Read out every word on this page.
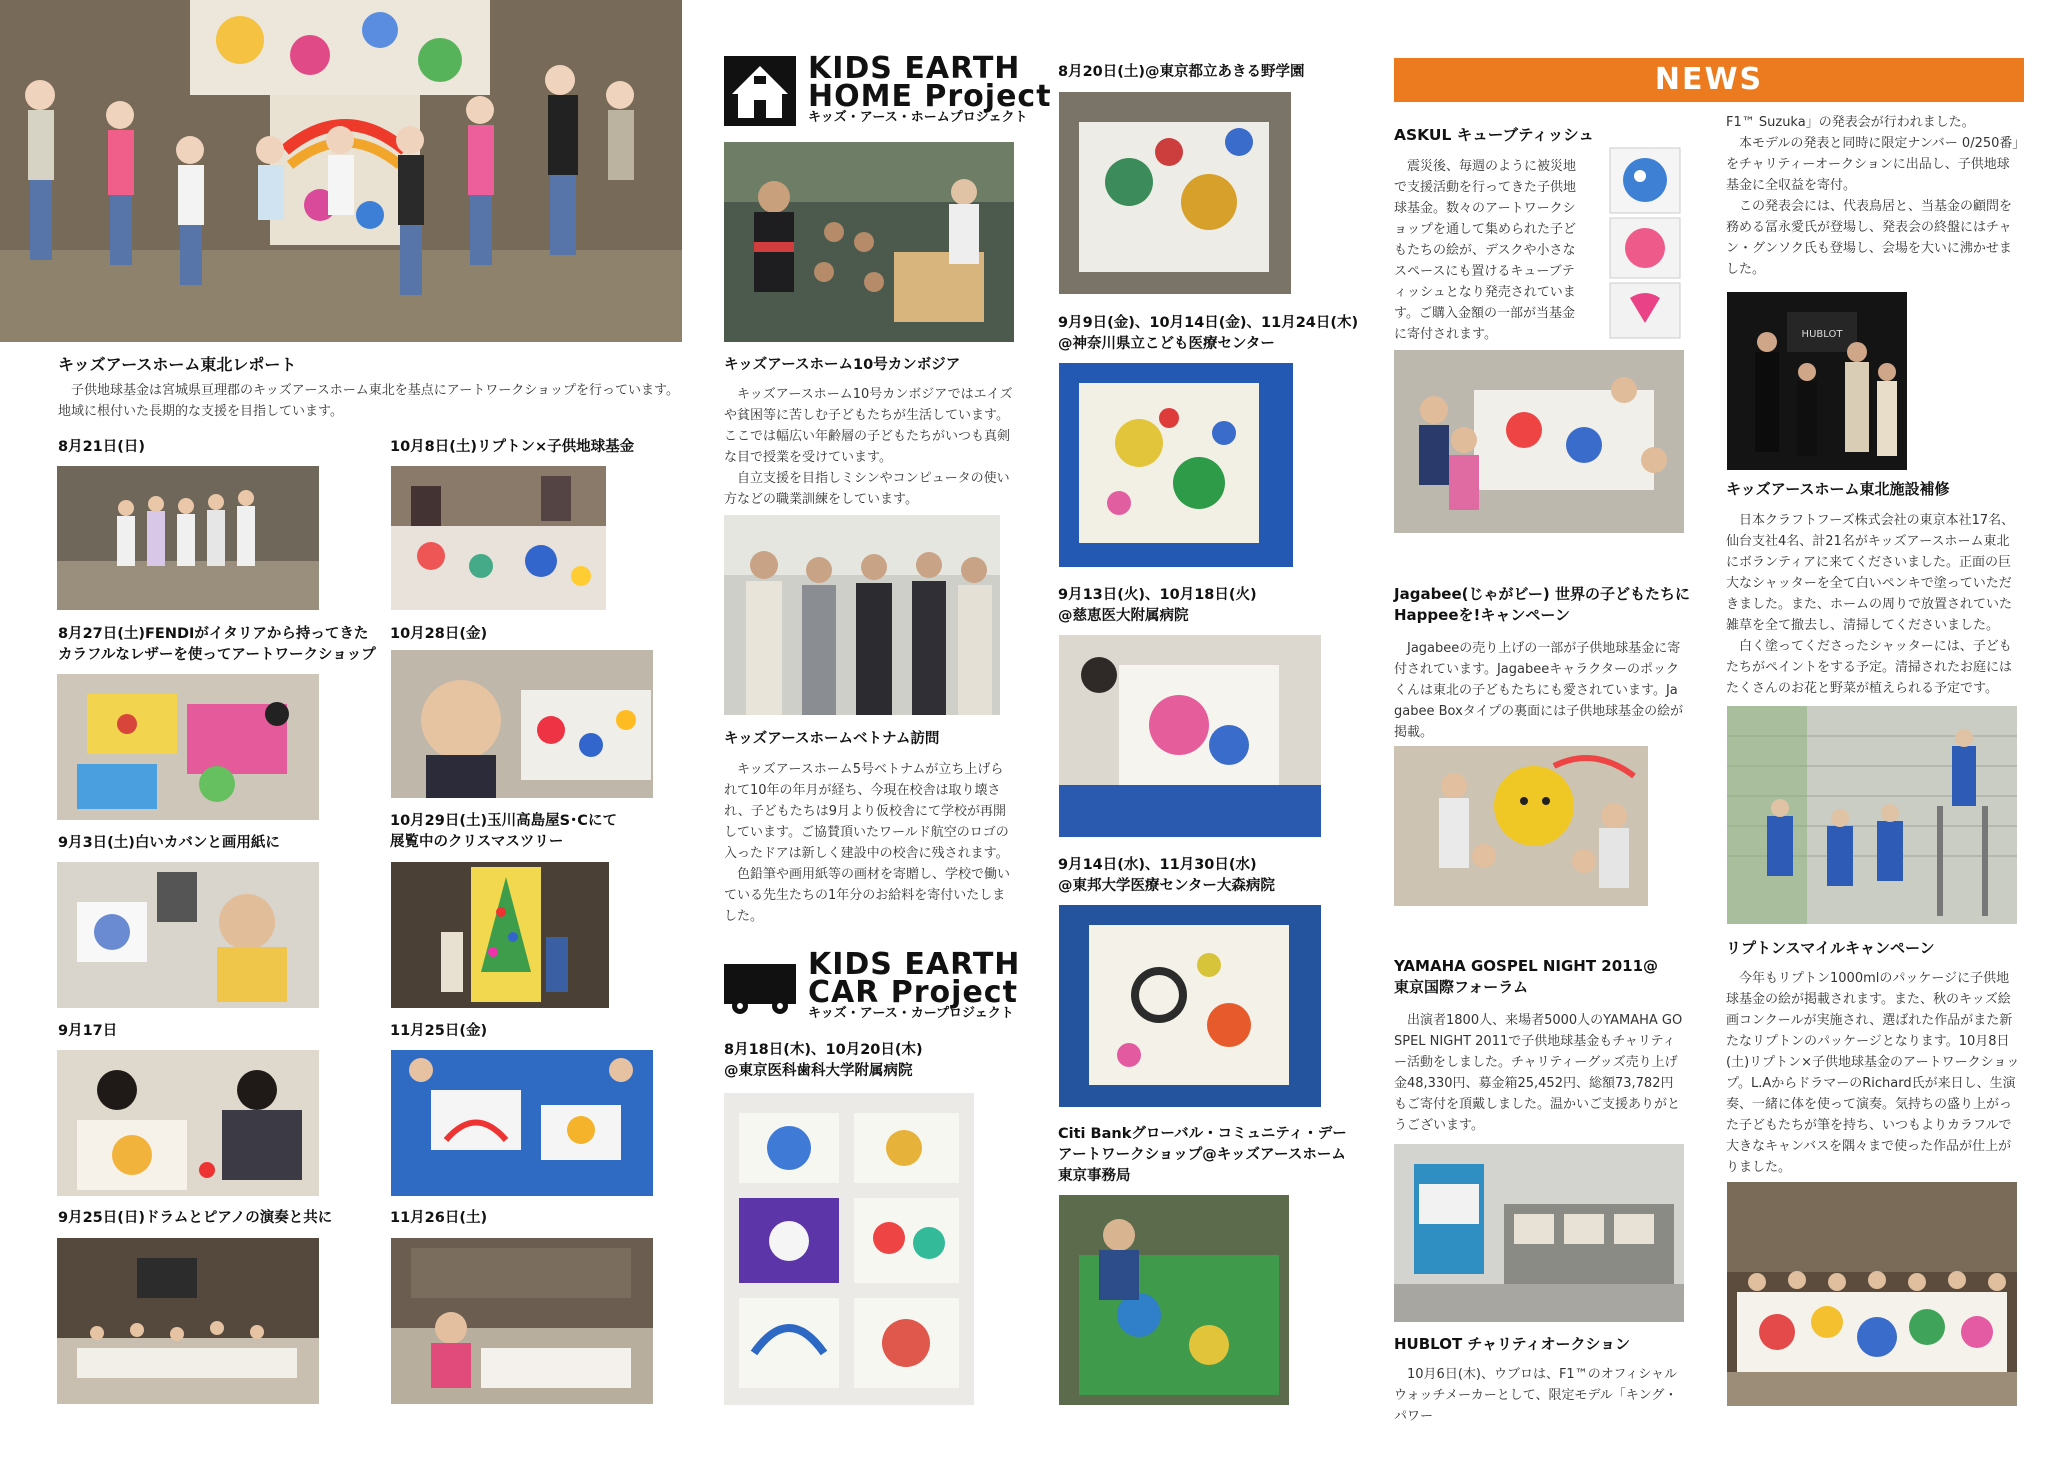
キッズアースホーム東北レポート
子供地球基金は宮城県亘理郡のキッズアースホーム東北を基点にアートワークショップを行っています。地域に根付いた長期的な支援を目指しています。
8月21日(日)	10月8日(土)リプトン×子供地球基金
8月27日(土)FENDIがイタリアから持ってきた
カラフルなレザーを使ってアートワークショップ
10月28日(金)
9月3日(土)白いカバンと画用紙に
10月29日(土)玉川高島屋S･Cにて
展覧中のクリスマスツリー
9月17日	11月25日(金)
9月25日(日)ドラムとピアノの演奏と共に	11月26日(土)
KIDS EARTH
HOME Project
キッズ・アース・ホームプロジェクト
キッズアースホーム10号カンボジア
キッズアースホーム10号カンボジアではエイズや貧困等に苦しむ子どもたちが生活しています。ここでは幅広い年齢層の子どもたちがいつも真剣な目で授業を受けています。
自立支援を目指しミシンやコンピュータの使い方などの職業訓練をしています。
キッズアースホームベトナム訪問
キッズアースホーム5号ベトナムが立ち上げられて10年の年月が経ち、今現在校舎は取り壊され、子どもたちは9月より仮校舎にて学校が再開しています。ご協賛頂いたワールド航空のロゴの入ったドアは新しく建設中の校舎に残されます。
色鉛筆や画用紙等の画材を寄贈し、学校で働いている先生たちの1年分のお給料を寄付いたしました。
KIDS EARTH
CAR Project
キッズ・アース・カープロジェクト
8月18日(木)、10月20日(木)
@東京医科歯科大学附属病院
8月20日(土)@東京都立あきる野学園
9月9日(金)、10月14日(金)、11月24日(木)
@神奈川県立こども医療センター
9月13日(火)、10月18日(火)
@慈恵医大附属病院
9月14日(水)、11月30日(水)
@東邦大学医療センター大森病院
Citi Bankグローバル・コミュニティ・デー
アートワークショップ@キッズアースホーム
東京事務局
NEWS
ASKUL キューブティッシュ
震災後、毎週のように被災地で支援活動を行ってきた子供地球基金。数々のアートワークショップを通して集められた子どもたちの絵が、デスクや小さなスペースにも置けるキューブティッシュとなり発売されています。ご購入金額の一部が当基金に寄付されます。
Jagabee(じゃがビー) 世界の子どもたちに
Happeeを!キャンペーン
Jagabeeの売り上げの一部が子供地球基金に寄付されています。Jagabeeキャラクターのポックくんは東北の子どもたちにも愛されています。Jagabee Boxタイプの裏面には子供地球基金の絵が掲載。
YAMAHA GOSPEL NIGHT 2011@
東京国際フォーラム
出演者1800人、来場者5000人のYAMAHA GOSPEL NIGHT 2011で子供地球基金もチャリティー活動をしました。チャリティーグッズ売り上げ金48,330円、募金箱25,452円、総額73,782円もご寄付を頂戴しました。温かいご支援ありがとうございます。
HUBLOT チャリティオークション
10月6日(木)、ウブロは、F1™のオフィシャルウォッチメーカーとして、限定モデル「キング・パワー
F1™ Suzuka」の発表会が行われました。
本モデルの発表と同時に限定ナンバー 0/250番」をチャリティーオークションに出品し、子供地球基金に全収益を寄付。
この発表会には、代表鳥居と、当基金の顧問を務める冨永愛氏が登場し、発表会の終盤にはチャン・グンソク氏も登場し、会場を大いに沸かせました。
HUBLOT
キッズアースホーム東北施設補修
日本クラフトフーズ株式会社の東京本社17名、仙台支社4名、計21名がキッズアースホーム東北にボランティアに来てくださいました。正面の巨大なシャッターを全て白いペンキで塗っていただきました。また、ホームの周りで放置されていた雑草を全て撤去し、清掃してくださいました。
白く塗ってくださったシャッターには、子どもたちがペイントをする予定。清掃されたお庭にはたくさんのお花と野菜が植えられる予定です。
リプトンスマイルキャンペーン
今年もリプトン1000mlのパッケージに子供地球基金の絵が掲載されます。また、秋のキッズ絵画コンクールが実施され、選ばれた作品がまた新たなリプトンのパッケージとなります。10月8日(土)リプトン×子供地球基金のアートワークショップ。L.AからドラマーのRichard氏が来日し、生演奏、一緒に体を使って演奏。気持ちの盛り上がった子どもたちが筆を持ち、いつもよりカラフルで大きなキャンバスを隅々まで使った作品が仕上がりました。
